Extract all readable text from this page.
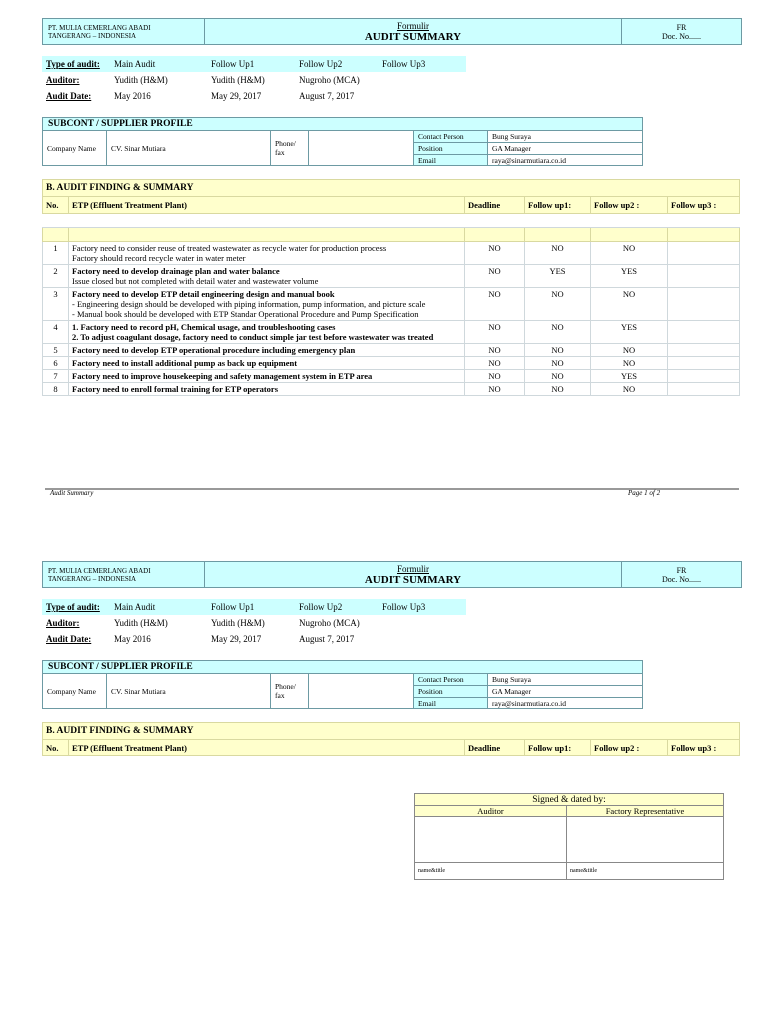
PT. MULIA CEMERLANG ABADI
TANGERANG – INDONESIA

Formulir
AUDIT SUMMARY

FR
Doc. No......
Type of audit:	Main Audit	Follow Up1	Follow Up2	Follow Up3
Auditor:	Yudith (H&M)	Yudith (H&M)	Nugroho (MCA)	
Audit Date:	May 2016	May 29, 2017	August 7, 2017	
SUBCONT / SUPPLIER PROFILE					
Company Name	CV. Sinar Mutiara	Phone/ fax		Contact Person	Bung Suraya
				Position	GA Manager
				Email	raya@sinarmutiara.co.id
B. AUDIT FINDING & SUMMARY					
No.	ETP (Effluent Treatment Plant)	Deadline	Follow up1:	Follow up2 :	Follow up3 :

1	Factory need to consider reuse of treated wastewater as recycle water for production process
Factory should record recycle water in water meter	NO	NO	NO	
2	Factory need to develop drainage plan and water balance
Issue closed but not completed with detail water and wastewater volume	NO	YES	YES	
3	Factory need to develop ETP detail engineering design and manual book
- Engineering design should be developed with piping information, pump information, and picture scale
- Manual book should be developed with ETP Standar Operational Procedure and Pump Specification	NO	NO	NO	
4	1. Factory need to record pH, Chemical usage, and troubleshooting cases
2. To adjust coagulant dosage, factory need to conduct simple jar test before wastewater was treated	NO	NO	YES	
5	Factory need to develop ETP operational procedure including emergency plan	NO	NO	NO	
6	Factory need to install additional pump as back up equipment	NO	NO	NO	
7	Factory need to improve housekeeping and safety management system in ETP area	NO	NO	YES	
8	Factory need to enroll formal training for ETP operators	NO	NO	NO	
Audit Summary	Page 1 of 2
PT. MULIA CEMERLANG ABADI
TANGERANG – INDONESIA

Formulir
AUDIT SUMMARY

FR
Doc. No......
Type of audit:	Main Audit	Follow Up1	Follow Up2	Follow Up3
Auditor:	Yudith (H&M)	Yudith (H&M)	Nugroho (MCA)	
Audit Date:	May 2016	May 29, 2017	August 7, 2017	
SUBCONT / SUPPLIER PROFILE					
Company Name	CV. Sinar Mutiara	Phone/ fax		Contact Person	Bung Suraya
				Position	GA Manager
				Email	raya@sinarmutiara.co.id
B. AUDIT FINDING & SUMMARY
No.	ETP (Effluent Treatment Plant)	Deadline	Follow up1:	Follow up2 :	Follow up3 :
Signed & dated by:	
Auditor	Factory Representative

name&title	name&title
